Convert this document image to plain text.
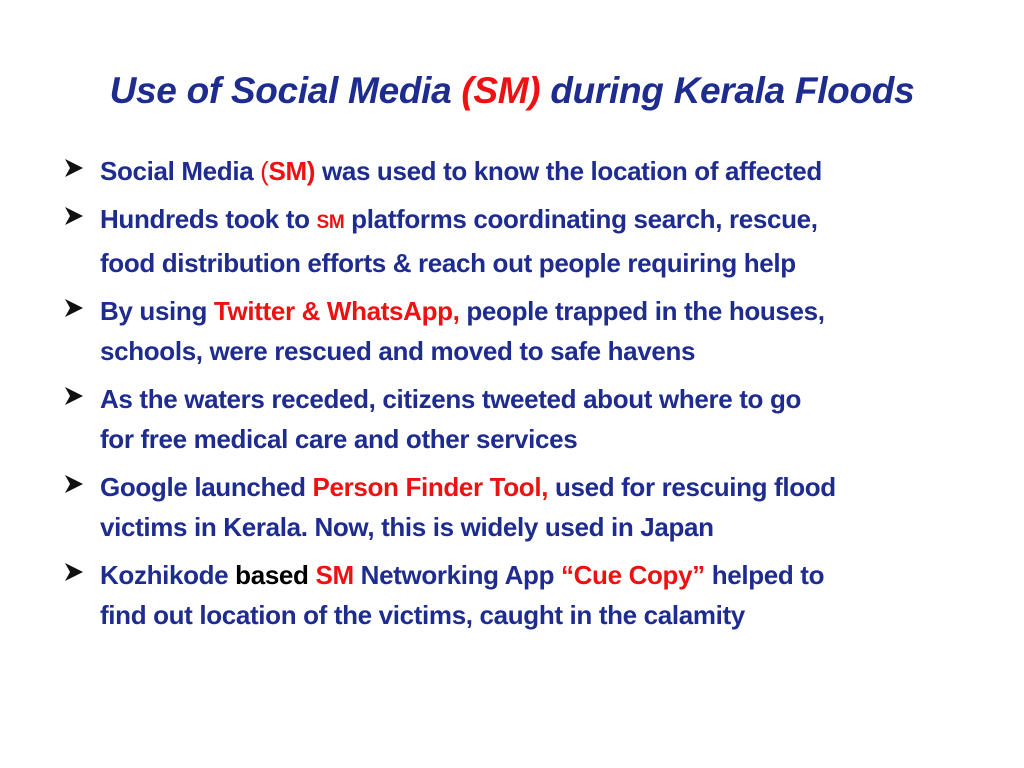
Use of Social Media (SM) during Kerala Floods
Social Media (SM) was used to know the location of affected
Hundreds took to SM platforms coordinating search, rescue,
food distribution efforts & reach out people requiring help
By using Twitter & WhatsApp, people trapped in the houses,
schools, were rescued and moved to safe havens
As the waters receded, citizens tweeted about where to go
for free medical care and other services
Google launched Person Finder Tool, used for rescuing flood
victims in Kerala. Now, this is widely used in Japan
Kozhikode based SM Networking App “Cue Copy” helped to
find out location of the victims, caught in the calamity
